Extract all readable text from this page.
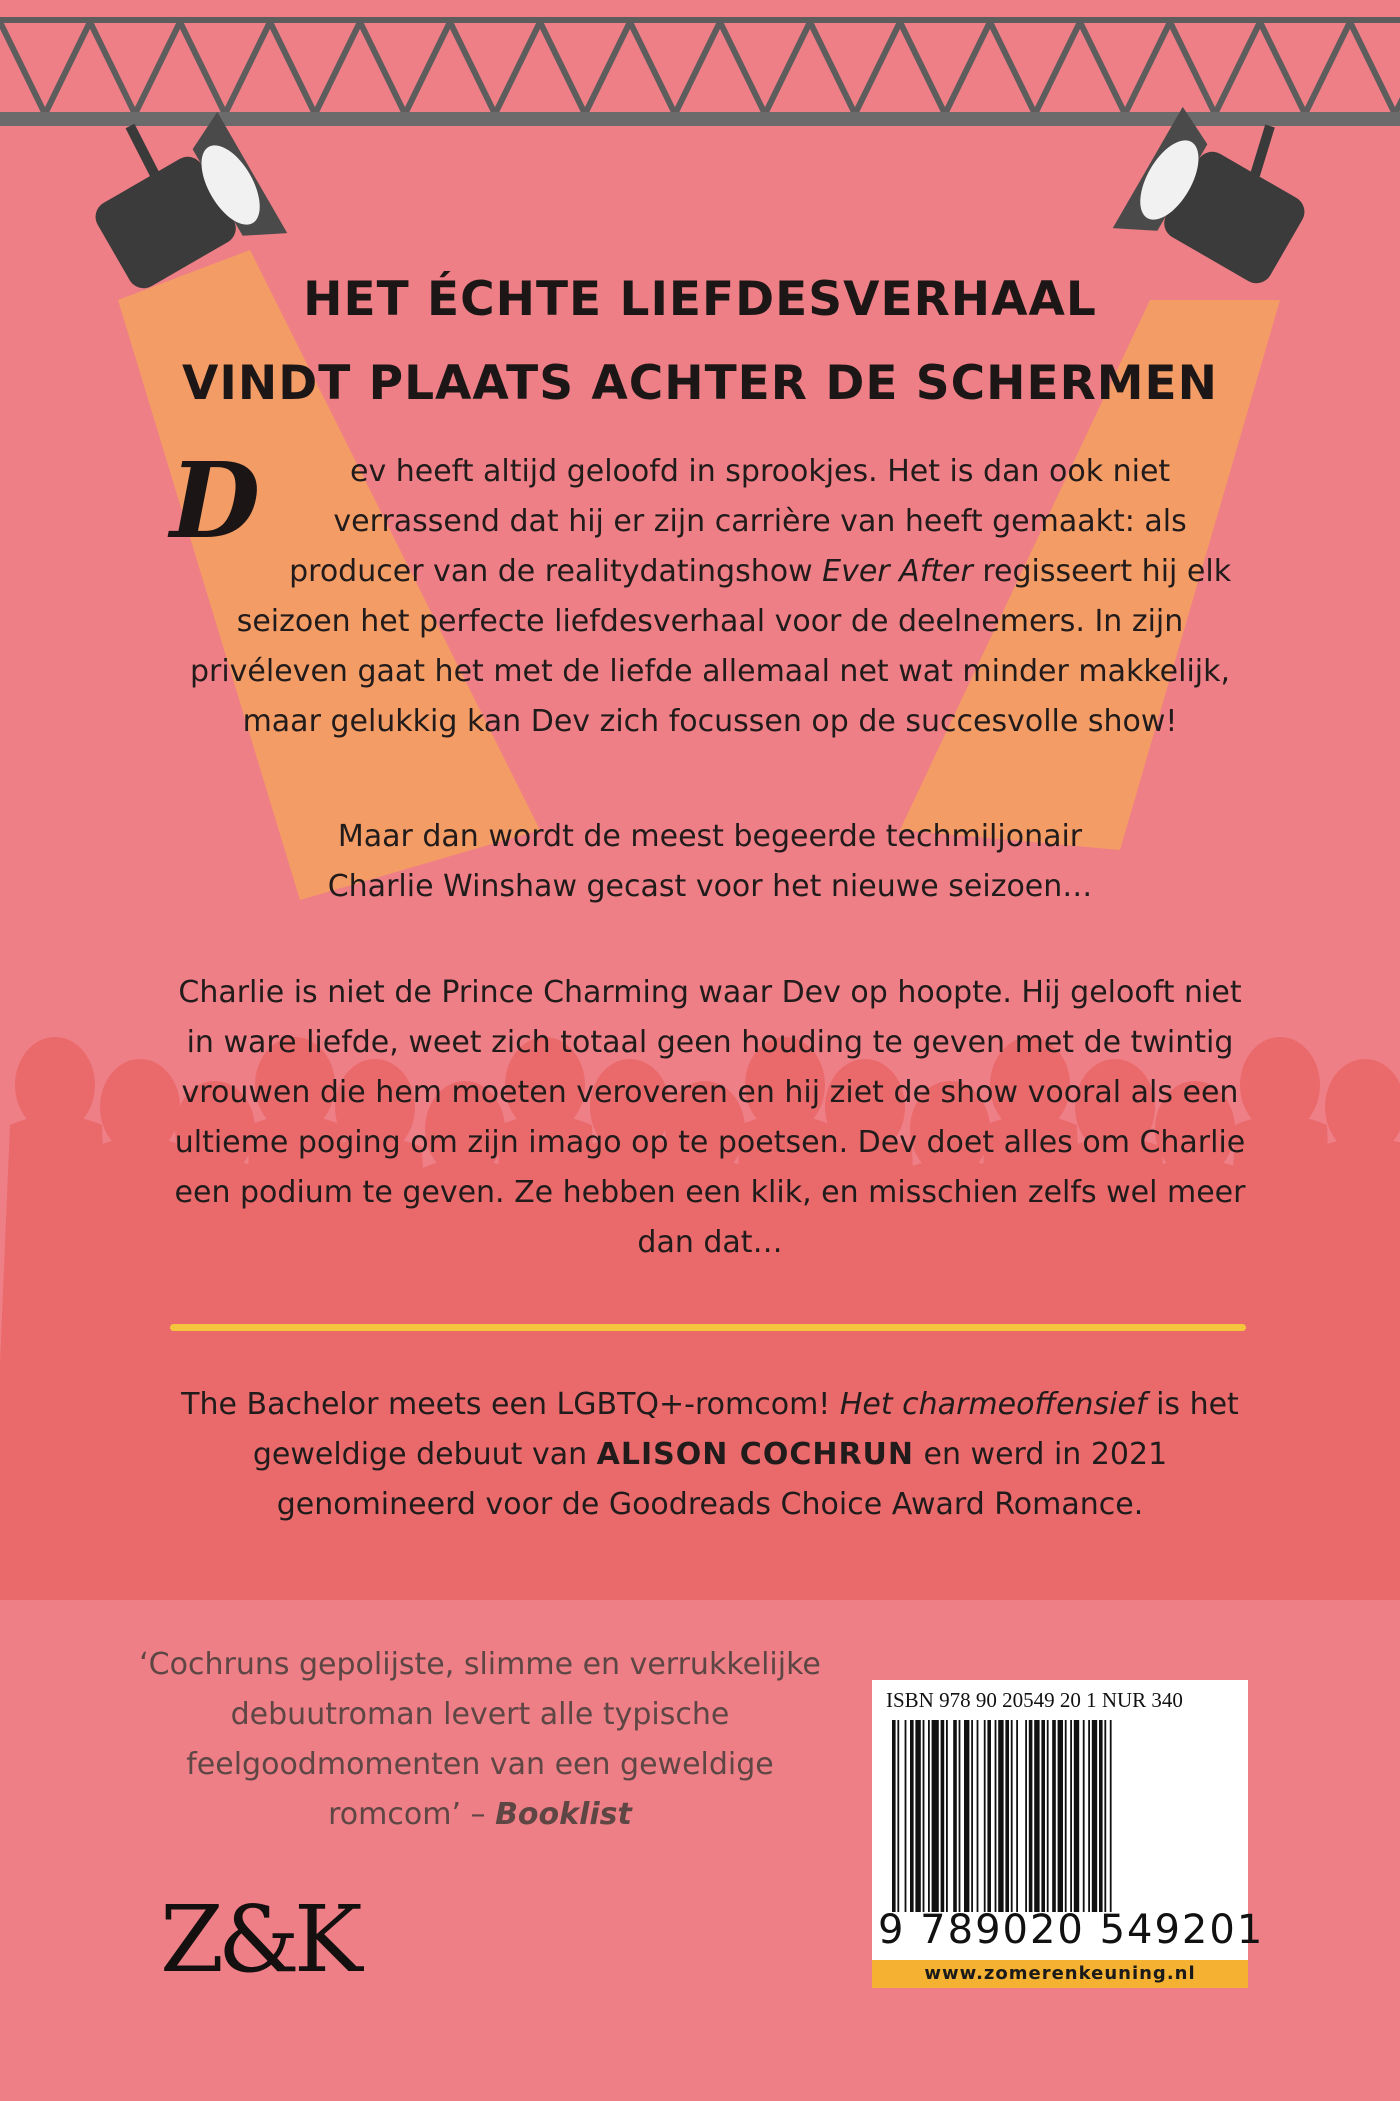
HET ÉCHTE LIEFDESVERHAAL
VINDT PLAATS ACHTER DE SCHERMEN
D	ev heeft altijd geloofd in sprookjes. Het is dan ook niet verrassend dat hij er zijn carrière van heeft gemaakt: als producer van de realitydatingshow Ever After regisseert hij elk seizoen het perfecte liefdesverhaal voor de deelnemers. In zijn privéleven gaat het met de liefde allemaal net wat minder makkelijk, maar gelukkig kan Dev zich focussen op de succesvolle show!
Maar dan wordt de meest begeerde techmiljonair
Charlie Winshaw gecast voor het nieuwe seizoen…
Charlie is niet de Prince Charming waar Dev op hoopte. Hij gelooft niet in ware liefde, weet zich totaal geen houding te geven met de twintig vrouwen die hem moeten veroveren en hij ziet de show vooral als een ultieme poging om zijn imago op te poetsen. Dev doet alles om Charlie een podium te geven. Ze hebben een klik, en misschien zelfs wel meer dan dat…
The Bachelor meets een LGBTQ+-romcom! Het charmeoffensief is het geweldige debuut van ALISON COCHRUN en werd in 2021 genomineerd voor de Goodreads Choice Award Romance.
‘Cochruns gepolijste, slimme en verrukkelijke debuutroman levert alle typische feelgoodmomenten van een geweldige romcom’ – Booklist
Z&K
ISBN 978 90 20549 20 1 NUR 340
9 789020 549201
www.zomerenkeuning.nl
